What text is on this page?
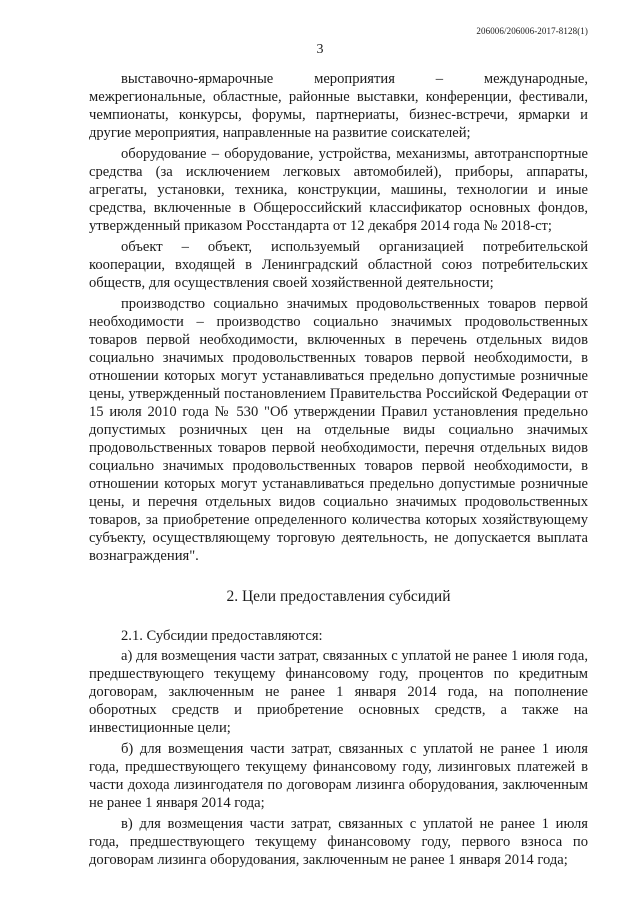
206006/206006-2017-8128(1)
3

выставочно-ярмарочные мероприятия – международные, межрегиональные, областные, районные выставки, конференции, фестивали, чемпионаты, конкурсы, форумы, партнериаты, бизнес-встречи, ярмарки и другие мероприятия, направленные на развитие соискателей;

оборудование – оборудование, устройства, механизмы, автотранспортные средства (за исключением легковых автомобилей), приборы, аппараты, агрегаты, установки, техника, конструкции, машины, технологии и иные средства, включенные в Общероссийский классификатор основных фондов, утвержденный приказом Росстандарта от 12 декабря 2014 года № 2018-ст;

объект – объект, используемый организацией потребительской кооперации, входящей в Ленинградский областной союз потребительских обществ, для осуществления своей хозяйственной деятельности;

производство социально значимых продовольственных товаров первой необходимости – производство социально значимых продовольственных товаров первой необходимости, включенных в перечень отдельных видов социально значимых продовольственных товаров первой необходимости, в отношении которых могут устанавливаться предельно допустимые розничные цены, утвержденный постановлением Правительства Российской Федерации от 15 июля 2010 года № 530 "Об утверждении Правил установления предельно допустимых розничных цен на отдельные виды социально значимых продовольственных товаров первой необходимости, перечня отдельных видов социально значимых продовольственных товаров первой необходимости, в отношении которых могут устанавливаться предельно допустимые розничные цены, и перечня отдельных видов социально значимых продовольственных товаров, за приобретение определенного количества которых хозяйствующему субъекту, осуществляющему торговую деятельность, не допускается выплата вознаграждения".

2. Цели предоставления субсидий

2.1. Субсидии предоставляются:

а) для возмещения части затрат, связанных с уплатой не ранее 1 июля года, предшествующего текущему финансовому году, процентов по кредитным договорам, заключенным не ранее 1 января 2014 года, на пополнение оборотных средств и приобретение основных средств, а также на инвестиционные цели;

б) для возмещения части затрат, связанных с уплатой не ранее 1 июля года, предшествующего текущему финансовому году, лизинговых платежей в части дохода лизингодателя по договорам лизинга оборудования, заключенным не ранее 1 января 2014 года;

в) для возмещения части затрат, связанных с уплатой не ранее 1 июля года, предшествующего текущему финансовому году, первого взноса по договорам лизинга оборудования, заключенным не ранее 1 января 2014 года;
